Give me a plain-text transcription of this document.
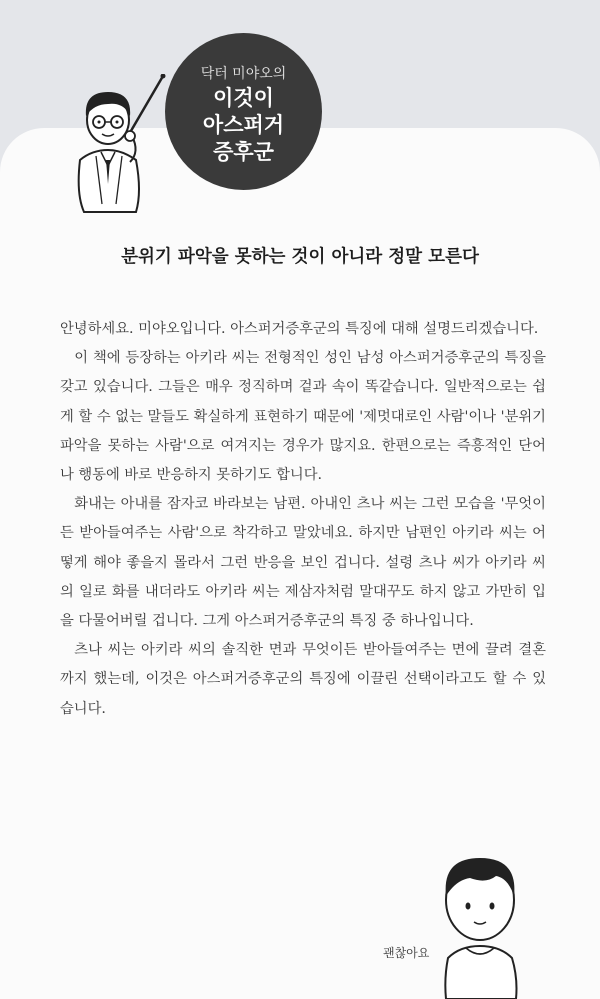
닥터 미야오의
이것이
아스퍼거
증후군
분위기 파악을 못하는 것이 아니라 정말 모른다

안녕하세요. 미야오입니다. 아스퍼거증후군의 특징에 대해 설명드리겠습니다.

이 책에 등장하는 아키라 씨는 전형적인 성인 남성 아스퍼거증후군의 특징을 갖고 있습니다. 그들은 매우 정직하며 겉과 속이 똑같습니다. 일반적으로는 쉽게 할 수 없는 말들도 확실하게 표현하기 때문에 '제멋대로인 사람'이나 '분위기 파악을 못하는 사람'으로 여겨지는 경우가 많지요. 한편으로는 즉흥적인 단어나 행동에 바로 반응하지 못하기도 합니다.

화내는 아내를 잠자코 바라보는 남편. 아내인 츠나 씨는 그런 모습을 '무엇이든 받아들여주는 사람'으로 착각하고 말았네요. 하지만 남편인 아키라 씨는 어떻게 해야 좋을지 몰라서 그런 반응을 보인 겁니다. 설령 츠나 씨가 아키라 씨의 일로 화를 내더라도 아키라 씨는 제삼자처럼 말대꾸도 하지 않고 가만히 입을 다물어버릴 겁니다. 그게 아스퍼거증후군의 특징 중 하나입니다.

츠나 씨는 아키라 씨의 솔직한 면과 무엇이든 받아들여주는 면에 끌려 결혼까지 했는데, 이것은 아스퍼거증후군의 특징에 이끌린 선택이라고도 할 수 있습니다.

괜찮아요
